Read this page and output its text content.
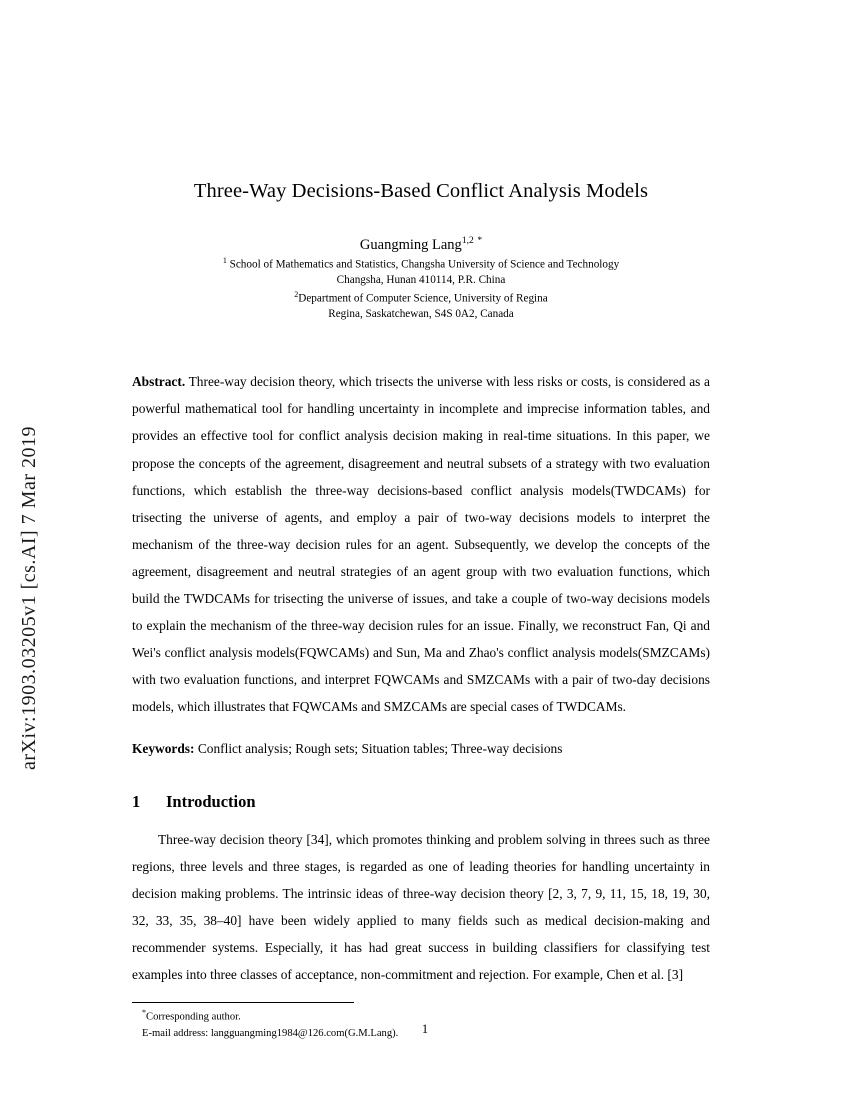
arXiv:1903.03205v1 [cs.AI] 7 Mar 2019
Three-Way Decisions-Based Conflict Analysis Models
Guangming Lang$^{1,2}$ *
$^1$ School of Mathematics and Statistics, Changsha University of Science and Technology
Changsha, Hunan 410114, P.R. China
$^2$Department of Computer Science, University of Regina
Regina, Saskatchewan, S4S 0A2, Canada
Abstract. Three-way decision theory, which trisects the universe with less risks or costs, is considered as a powerful mathematical tool for handling uncertainty in incomplete and imprecise information tables, and provides an effective tool for conflict analysis decision making in real-time situations. In this paper, we propose the concepts of the agreement, disagreement and neutral subsets of a strategy with two evaluation functions, which establish the three-way decisions-based conflict analysis models(TWDCAMs) for trisecting the universe of agents, and employ a pair of two-way decisions models to interpret the mechanism of the three-way decision rules for an agent. Subsequently, we develop the concepts of the agreement, disagreement and neutral strategies of an agent group with two evaluation functions, which build the TWDCAMs for trisecting the universe of issues, and take a couple of two-way decisions models to explain the mechanism of the three-way decision rules for an issue. Finally, we reconstruct Fan, Qi and Wei's conflict analysis models(FQWCAMs) and Sun, Ma and Zhao's conflict analysis models(SMZCAMs) with two evaluation functions, and interpret FQWCAMs and SMZCAMs with a pair of two-day decisions models, which illustrates that FQWCAMs and SMZCAMs are special cases of TWDCAMs.
Keywords: Conflict analysis; Rough sets; Situation tables; Three-way decisions
1 Introduction
Three-way decision theory [34], which promotes thinking and problem solving in threes such as three regions, three levels and three stages, is regarded as one of leading theories for handling uncertainty in decision making problems. The intrinsic ideas of three-way decision theory [2, 3, 7, 9, 11, 15, 18, 19, 30, 32, 33, 35, 38–40] have been widely applied to many fields such as medical decision-making and recommender systems. Especially, it has had great success in building classifiers for classifying test examples into three classes of acceptance, non-commitment and rejection. For example, Chen et al. [3]
*Corresponding author.
E-mail address: langguangming1984@126.com(G.M.Lang).	1
